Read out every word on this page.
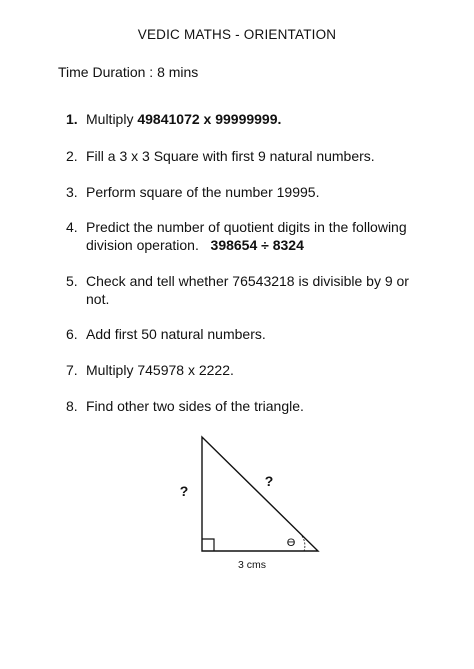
VEDIC MATHS - ORIENTATION
Time Duration : 8 mins
1. Multiply 49841072 x 99999999.
2. Fill a 3 x 3 Square with first 9 natural numbers.
3. Perform square of the number 19995.
4. Predict the number of quotient digits in the following division operation.   398654 ÷ 8324
5. Check and tell whether 76543218 is divisible by 9 or not.
6. Add first 50 natural numbers.
7. Multiply 745978 x 2222.
8. Find other two sides of the triangle.
?
?
ϴ
3 cms
